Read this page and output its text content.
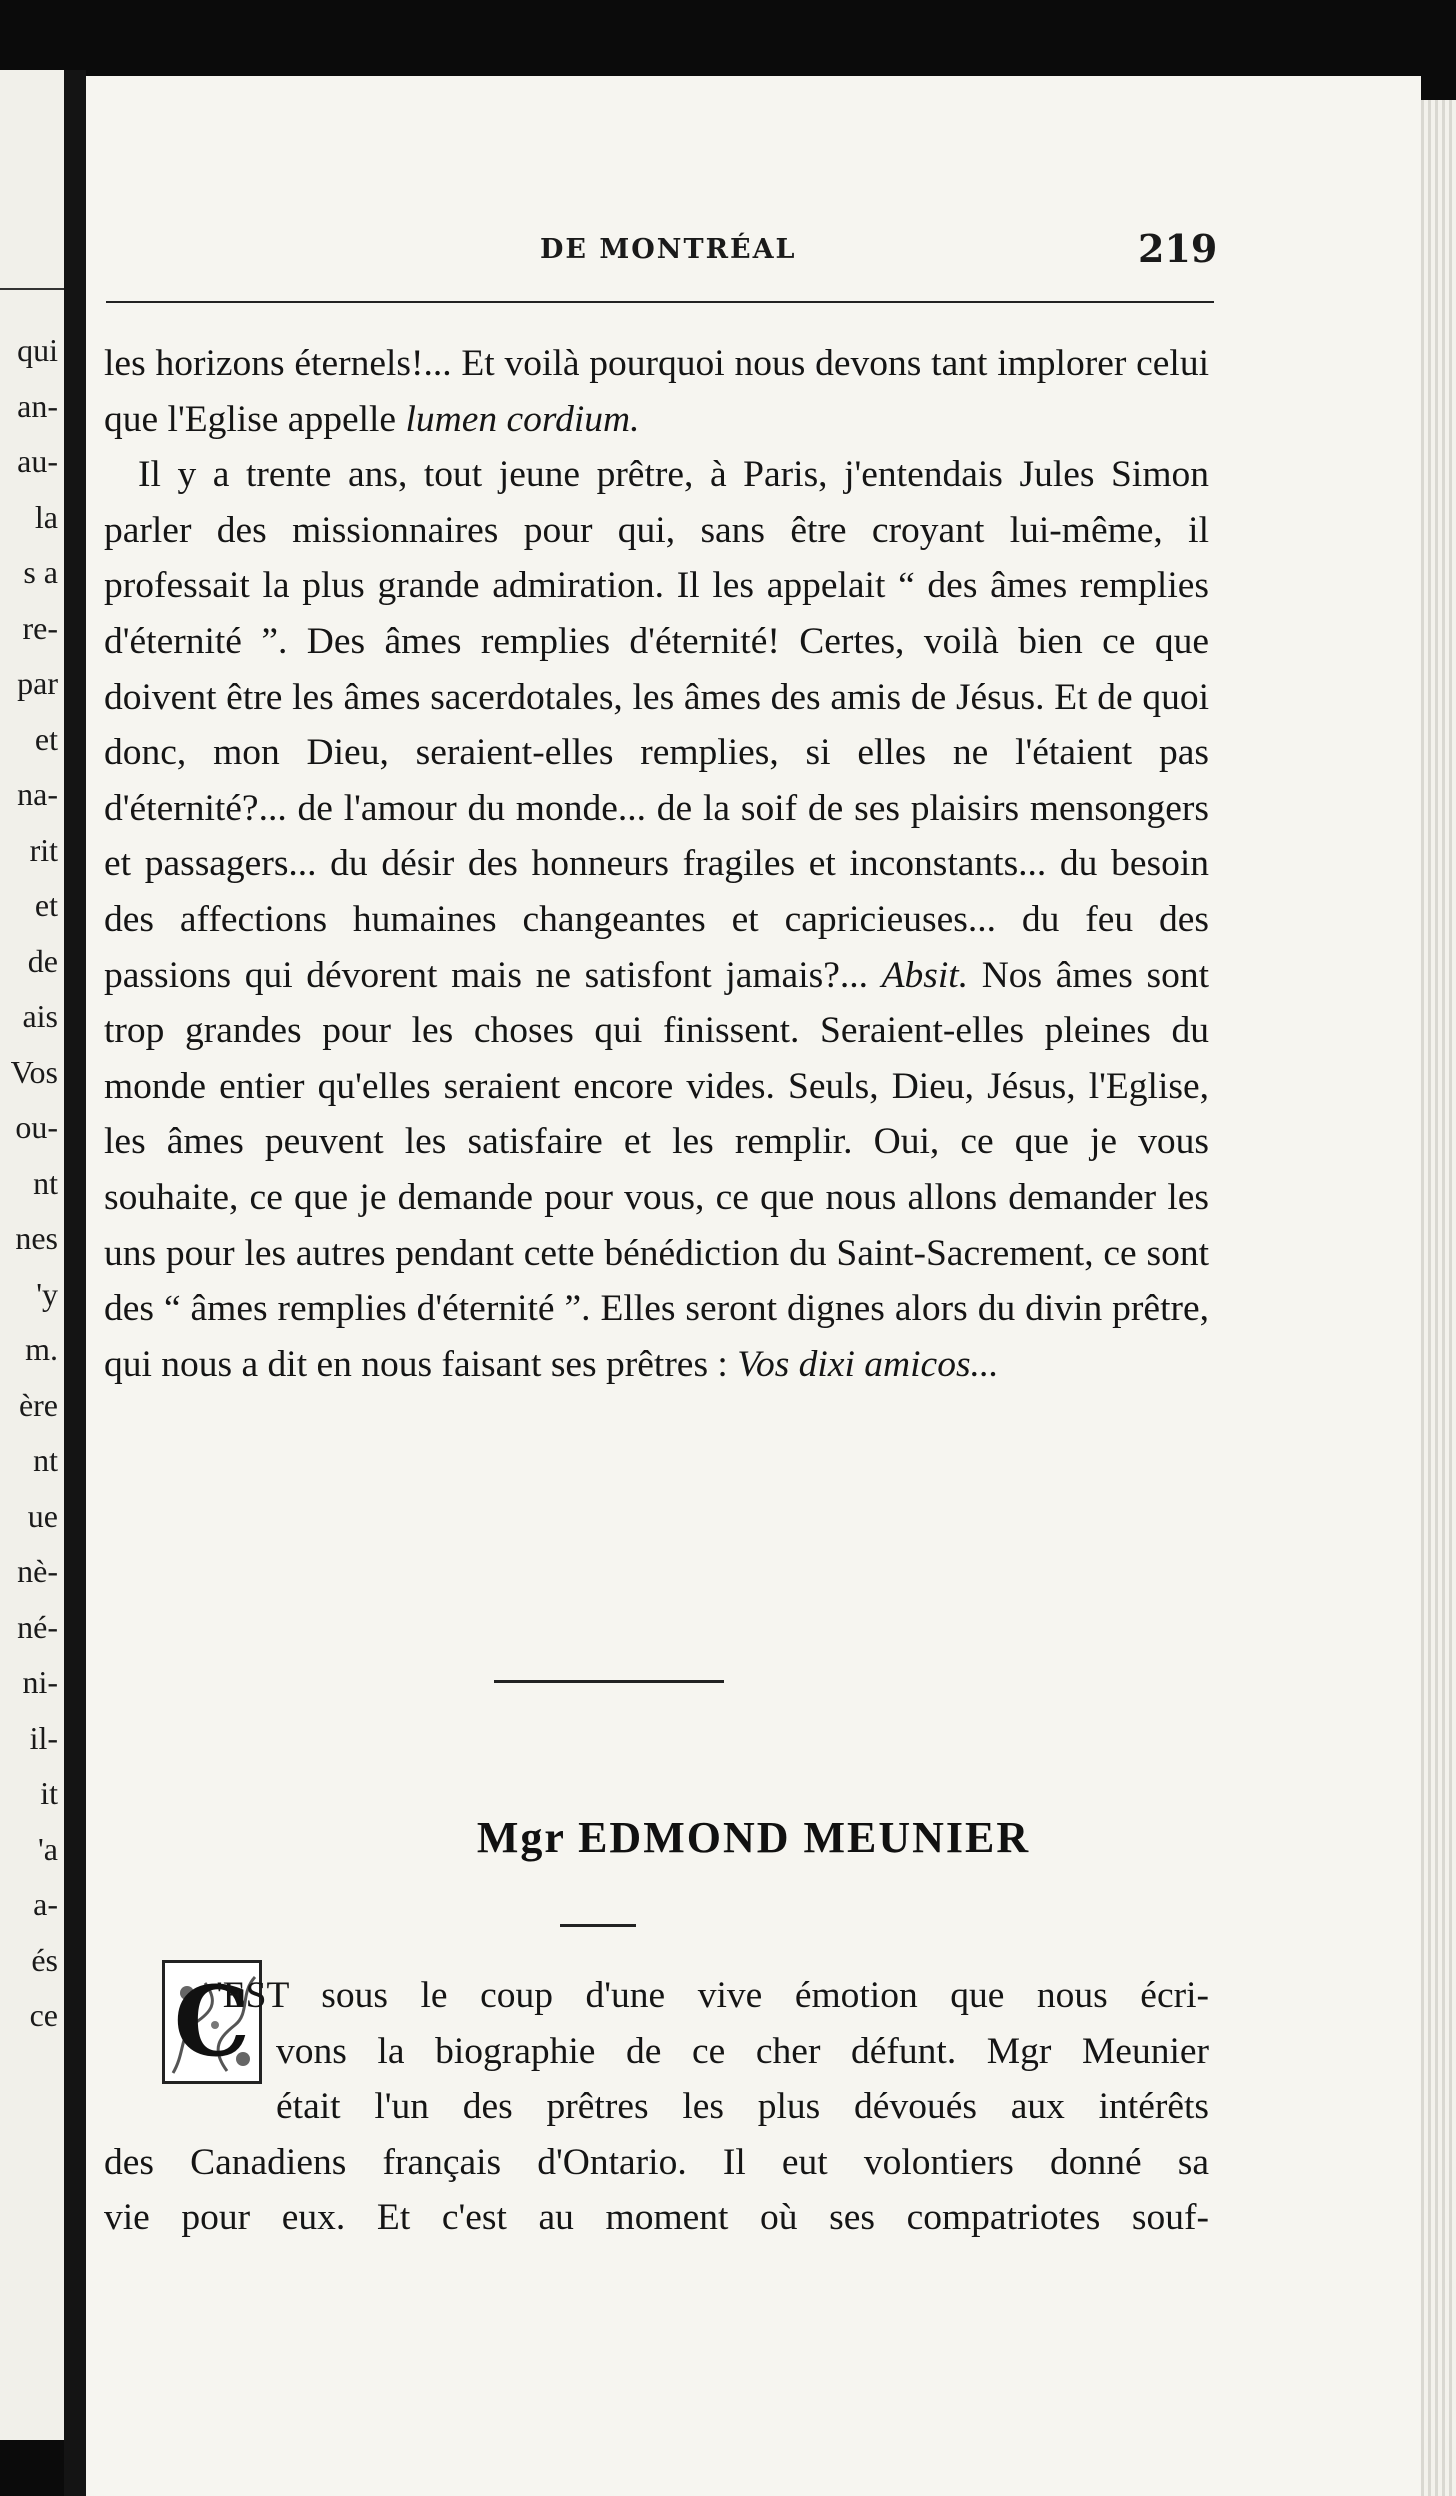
qui
an-
au-
la
s a
re-
par
et
na-
rit
et
de
ais
Vos
ou-
nt
nes
'y
m.
ère
nt
ue
nè-
né-
ni-
il-
it
'a
a-
és
ce
DE MONTRÉAL	219

les horizons éternels!... Et voilà pourquoi nous devons tant implorer celui que l'Eglise appelle lumen cordium.

Il y a trente ans, tout jeune prêtre, à Paris, j'entendais Jules Simon parler des missionnaires pour qui, sans être croyant lui-même, il professait la plus grande admiration. Il les appelait “ des âmes remplies d'éternité ”. Des âmes remplies d'éternité! Certes, voilà bien ce que doivent être les âmes sacerdotales, les âmes des amis de Jésus. Et de quoi donc, mon Dieu, seraient-elles remplies, si elles ne l'étaient pas d'éternité?... de l'amour du monde... de la soif de ses plaisirs mensongers et passagers... du désir des honneurs fragiles et inconstants... du besoin des affections humaines changeantes et capricieuses... du feu des passions qui dévorent mais ne satisfont jamais?... Absit. Nos âmes sont trop grandes pour les choses qui finissent. Seraient-elles pleines du monde entier qu'elles seraient encore vides. Seuls, Dieu, Jésus, l'Eglise, les âmes peuvent les satisfaire et les remplir. Oui, ce que je vous souhaite, ce que je demande pour vous, ce que nous allons demander les uns pour les autres pendant cette bénédiction du Saint-Sacrement, ce sont des “ âmes remplies d'éternité ”. Elles seront dignes alors du divin prêtre, qui nous a dit en nous faisant ses prêtres : Vos dixi amicos...

Mgr EDMOND MEUNIER
C
'EST sous le coup d'une vive émotion que nous écri-
vons la biographie de ce cher défunt. Mgr Meunier
était l'un des prêtres les plus dévoués aux intérêts
des Canadiens français d'Ontario. Il eut volontiers donné sa
vie pour eux. Et c'est au moment où ses compatriotes souf-
